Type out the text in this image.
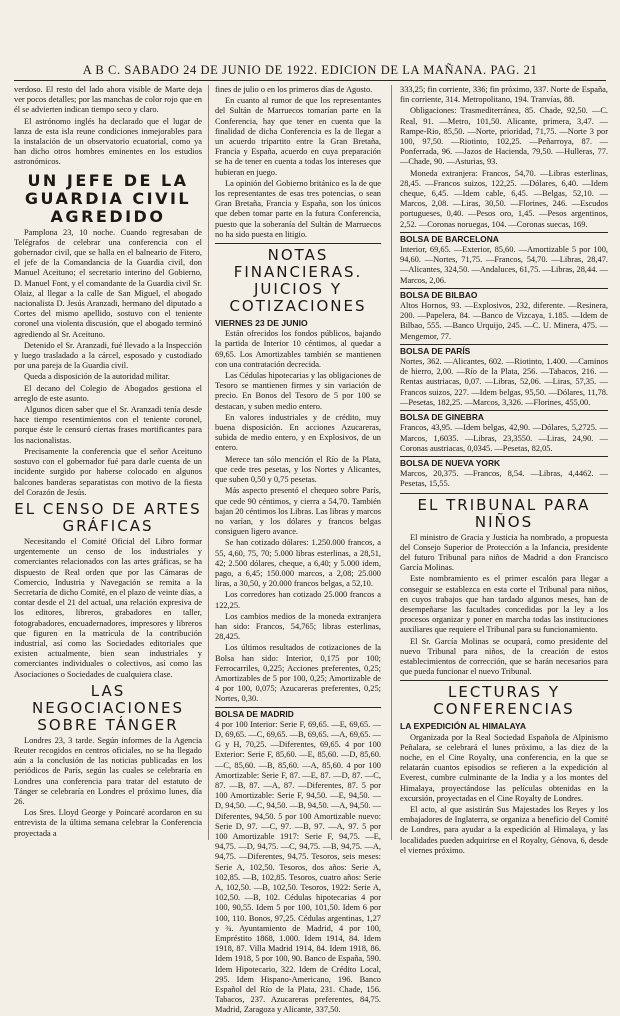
A B C. SABADO 24 DE JUNIO DE 1922. EDICION DE LA MAÑANA. PAG. 21

verdoso. El resto del lado ahora visible de Marte deja ver pocos detalles; por las manchas de color rojo que en él se advierten indican tiempo seco y claro.

El astrónomo inglés ha declarado que el lugar de lanza de esta isla reune condiciones inmejorables para la instalación de un observatorio ecuatorial, como ya han dicho otros hombres eminentes en los estudios astronómicos.

UN JEFE DE LA GUARDIA CIVIL AGREDIDO

Pamplona 23, 10 noche. Cuando regresaban de Telégrafos de celebrar una conferencia con el gobernador civil, que se halla en el balneario de Fitero, el jefe de la Comandancia de la Guardia civil, don Manuel Aceituno; el secretario interino del Gobierno, D. Manuel Font, y el comandante de la Guardia civil Sr. Olaiz, al llegar a la calle de San Miguel, el abogado nacionalista D. Jesús Aranzadi, hermano del diputado a Cortes del mismo apellido, sostuvo con el teniente coronel una violenta discusión, que el abogado terminó agrediendo al Sr. Aceituno.

Detenido el Sr. Aranzadi, fué llevado a la Inspección y luego trasladado a la cárcel, esposado y custodiado por una pareja de la Guardia civil.

Queda a disposición de la autoridad militar.

El decano del Colegio de Abogados gestiona el arreglo de este asunto.

Algunos dicen saber que el Sr. Aranzadi tenía desde hace tiempo resentimientos con el teniente coronel, porque éste le censuró ciertas frases mortificantes para los nacionalistas.

Precisamente la conferencia que el señor Aceituno sostuvo con el gobernador fué para darle cuenta de un incidente surgido por haberse colocado en algunos balcones banderas separatistas con motivo de la fiesta del Corazón de Jesús.

EL CENSO DE ARTES GRÁFICAS

Necesitando el Comité Oficial del Libro formar urgentemente un censo de los industriales y comerciantes relacionados con las artes gráficas, se ha dispuesto de Real orden que por las Cámaras de Comercio, Industria y Navegación se remita a la Secretaría de dicho Comité, en el plazo de veinte días, a contar desde el 21 del actual, una relación expresiva de los editores, libreros, grabadores en taller, fotograbadores, encuadernadores, impresores y libreros que figuren en la matrícula de la contribución industrial, así como las Sociedades editoriales que existen actualmente, bien sean industriales y comerciantes individuales o colectivos, así como las Asociaciones o Sociedades de cualquiera clase.

LAS NEGOCIACIONES SOBRE TÁNGER

Londres 23, 3 tarde. Según informes de la Agencia Reuter recogidos en centros oficiales, no se ha llegado aún a la conclusión de las noticias publicadas en los periódicos de París, según las cuales se celebraría en Londres una conferencia para tratar del estatuto de Tánger se celebraría en Londres el próximo lunes, día 26.

Los Sres. Lloyd George y Poincaré acordaron en su entrevista de la última semana celebrar la Conferencia proyectada a

fines de julio o en los primeros días de Agosto.

En cuanto al rumor de que los representantes del Sultán de Marruecos tomarían parte en la Conferencia, hay que tener en cuenta que la finalidad de dicha Conferencia es la de llegar a un acuerdo tripartito entre la Gran Bretaña, Francia y España, acuerdo en cuya preparación se ha de tener en cuenta a todas los intereses que hubieran en juego.

La opinión del Gobierno británico es la de que los representantes de esas tres potencias, o sean Gran Bretaña, Francia y España, son los únicos que deben tomar parte en la futura Conferencia, puesto que la soberanía del Sultán de Marruecos no ha sido puesta en litigio.

NOTAS FINANCIERAS. JUICIOS Y COTIZACIONES
VIERNES 23 DE JUNIO

Están ofrecidos los fondos públicos, bajando la partida de Interior 10 céntimos, al quedar a 69,65. Los Amortizables también se mantienen con una contratación decrecida.

Las Cédulas hipotecarias y las obligaciones de Tesoro se mantienen firmes y sin variación de precio. En Bonos del Tesoro de 5 por 100 se destacan, y suben medio entero.

En valores industriales y de crédito, muy buena disposición. En acciones Azucareras, subida de medio entero, y en Explosivos, de un entero.

Merece tan sólo mención el Río de la Plata, que cede tres pesetas, y los Nortes y Alicantes, que suben 0,50 y 0,75 pesetas.

Más aspecto presentó el chequeo sobre París, que cede 90 céntimos, y cierra a 54,70. También bajan 20 céntimos los Libras. Las libras y marcos no varían, y los dólares y francos belgas consiguen ligero avance.

Se han cotizado dólares: 1.250.000 francos, a 55, 4,60, 75, 70; 5.000 libras esterlinas, a 28,51, 42; 2.500 dólares, cheque, a 6,40; y 5.000 idem, pago, a 6,45; 150.000 marcos, a 2,08; 25.000 liras, a 30,50, y 20.000 francos belgas, a 52,10.

Los corredores han cotizado 25.000 francos a 122,25.

Los cambios medios de la moneda extranjera han sido: Francos, 54,765; libras esterlinas, 28,425.

Los últimos resultados de cotizaciones de la Bolsa han sido: Interior, 0,175 por 100; Ferrocarriles, 0,225; Acciones preferentes, 0,25; Amortizables de 5 por 100, 0,25; Amortizable de 4 por 100, 0,075; Azucareras preferentes, 0,25; Nortes, 0,30.

BOLSA DE MADRID

4 por 100 Interior: Serie F, 69,65. —E, 69,65. —D, 69,65. —C, 69,65. —B, 69,65. —A, 69,65. —G y H, 70,25. —Diferentes, 69,65. 4 por 100 Exterior: Serie F, 85,60. —E, 85,60. —D, 85,60. —C, 85,60. —B, 85,60. —A, 85,60. 4 por 100 Amortizable: Serie F, 87. —E, 87. —D, 87. —C, 87. —B, 87. —A, 87. —Diferentes, 87. 5 por 100 Amortizable: Serie F, 94,50. —E, 94,50. —D, 94,50. —C, 94,50. —B, 94,50. —A, 94,50. —Diferentes, 94,50. 5 por 100 Amortizable nuevo: Serie D, 97. —C, 97. —B, 97. —A, 97. 5 por 100 Amortizable 1917: Serie F, 94,75. —E, 94,75. —D, 94,75. —C, 94,75. —B, 94,75. —A, 94,75. —Diferentes, 94,75. Tesoros, seis meses: Serie A, 102,50. Tesoros, dos años: Serie A, 102,85. —B, 102,85. Tesoros, cuatro años: Serie A, 102,50. —B, 102,50. Tesoros, 1922: Serie A, 102,50. —B, 102. Cédulas hipotecarias 4 por 100, 90,55. Idem 5 por 100, 101,50. Idem 6 por 100, 110. Bonos, 97,25. Cédulas argentinas, 1,27 y ¾. Ayuntamiento de Madrid, 4 por 100, Empréstito 1868, 1.000. Idem 1914, 84. Idem 1918, 87. Villa Madrid 1914, 84. Idem 1918, 86. Idem 1918, 5 por 100, 90. Banco de España, 590. Idem Hipotecario, 322. Idem de Crédito Local, 295. Idem Hispano-Americano, 196. Banco Español del Río de la Plata, 231. Chade, 156. Tabacos, 237. Azucareras preferentes, 84,75. Madrid, Zaragoza y Alicante, 337,50.

333,25; fin corriente, 336; fin próximo, 337. Norte de España, fin corriente, 314. Metropolitano, 194. Tranvías, 88.

Obligaciones: Trasmediterránea, 85. Chade, 92,50. —C. Real, 91. —Metro, 101,50. Alicante, primera, 3,47. —Rampe-Rio, 85,50. —Norte, prioridad, 71,75. —Norte 3 por 100, 97,50. —Riotinto, 102,25. —Peñarroya, 87. —Ponferrada, 96. —Jazos de Hacienda, 79,50. —Hulleras, 77. —Chade, 90. —Asturias, 93.

Moneda extranjera: Francos, 54,70. —Libras esterlinas, 28,45. —Francos suizos, 122,25. —Dólares, 6,40. —Idem cheque, 6,45. —Idem cable, 6,45. —Belgas, 52,10. —Marcos, 2,08. —Liras, 30,50. —Florines, 246. —Escudos portugueses, 0,40. —Pesos oro, 1,45. —Pesos argentinos, 2,52. —Coronas noruegas, 104. —Coronas suecas, 169.

BOLSA DE BARCELONA

Interior, 69,65. —Exterior, 85,60. —Amortizable 5 por 100, 94,60. —Nortes, 71,75. —Francos, 54,70. —Libras, 28,47. —Alicantes, 324,50. —Andaluces, 61,75. —Libras, 28,44. —Marcos, 2,06.

BOLSA DE BILBAO

Altos Hornos, 93. —Explosivos, 232, diferente. —Resinera, 200. —Papelera, 84. —Banco de Vizcaya, 1.185. —Idem de Bilbao, 555. —Banco Urquijo, 245. —C. U. Minera, 475. —Mengemor, 77.

BOLSA DE PARÍS

Nortes, 362. —Alicantes, 602. —Riotinto, 1.400. —Caminos de hierro, 2,00. —Río de la Plata, 256. —Tabacos, 216. —Rentas austriacas, 0,07. —Libras, 52,06. —Liras, 57,35. —Francos suizos, 227. —Idem belgas, 95,50. —Dólares, 11,78. —Pesetas, 182,25. —Marcos, 3,326. —Florines, 455,00.

BOLSA DE GINEBRA

Francos, 43,95. —Idem belgas, 42,90. —Dólares, 5,2725. —Marcos, 1,6035. —Libras, 23,3550. —Liras, 24,90. —Coronas austriacas, 0,0345. —Pesetas, 82,05.

BOLSA DE NUEVA YORK

Marcos, 20,375. —Francos, 8,54. —Libras, 4,4462. —Pesetas, 15,55.

EL TRIBUNAL PARA NIÑOS

El ministro de Gracia y Justicia ha nombrado, a propuesta del Consejo Superior de Protección a la Infancia, presidente del futuro Tribunal para niños de Madrid a don Francisco García Molinas.

Este nombramiento es el primer escalón para llegar a conseguir se establezca en esta corte el Tribunal para niños, en cuyos trabajos que han tardado algunos meses, han de desempeñarse las facultades concedidas por la ley a los procesos organizar y poner en marcha todas las instituciones auxiliares que requiere el Tribunal para su funcionamiento.

El Sr. García Molinas se ocupará, como presidente del nuevo Tribunal para niños, de la creación de estos establecimientos de corrección, que se harán necesarios para que pueda funcionar el nuevo Tribunal.

LECTURAS Y CONFERENCIAS
LA EXPEDICIÓN AL HIMALAYA

Organizada por la Real Sociedad Española de Alpinismo Peñalara, se celebrará el lunes próximo, a las diez de la noche, en el Cine Royalty, una conferencia, en la que se relatarán cuantos episodios se refieren a la expedición al Everest, cumbre culminante de la India y a los montes del Himalaya, proyectándose las películas obtenidas en la excursión, proyectadas en el Cine Royalty de Londres.

El acto, al que asistirán Sus Majestades los Reyes y los embajadores de Inglaterra, se organiza a beneficio del Comité de Londres, para ayudar a la expedición al Himalaya, y las localidades pueden adquirirse en el Royalty, Génova, 6, desde el viernes próximo.
